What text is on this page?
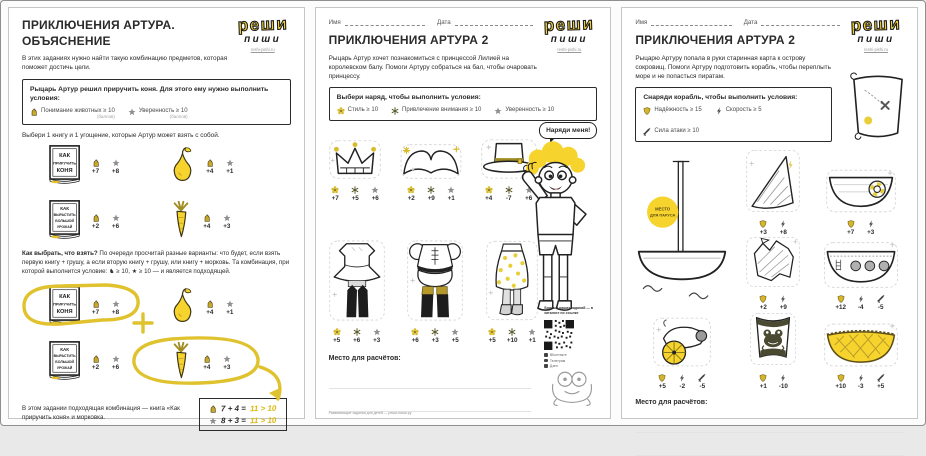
реши
пиши
reshi-pishi.ru
ПРИКЛЮЧЕНИЯ АРТУРА.
ОБЪЯСНЕНИЕ

В этих заданиях нужно найти такую комбинацию предметов, которая поможет достичь цели.

Рыцарь Артур решил приручить коня. Для этого ему нужно выполнить условия:

Понимание животных ≥ 10
(баллов)
Уверенность ≥ 10
(баллов)

Выбери 1 книгу и 1 угощение, которые Артур может взять с собой.

КАК
ПРИРУЧИТЬ
КОНЯ	+7 +8	+4 +1
КАК
ВЫРАСТИТЬ
БОЛЬШОЙ
УРОЖАЙ	+2 +6	+4 +3

Как выбрать, что взять? По очереди просчитай разные варианты: что будет, если взять первую книгу + грушу, а если вторую книгу + грушу, или книгу + морковь. Та комбинация, при которой выполнится условие: ♞ ≥ 10, ★ ≥ 10 — и является подходящей.

КАК
ПРИРУЧИТЬ
КОНЯ	+7 +8	+4 +1
КАК
ВЫРАСТИТЬ
БОЛЬШОЙ
УРОЖАЙ	+2 +6	+4 +3

В этом задании подходящая комбинация — книга «Как приручить коня» и морковка.

7 + 4 = 11 > 10
8 + 3 = 11 > 10
реши
пиши
reshi-pishi.ru
Имя	Дата
ПРИКЛЮЧЕНИЯ АРТУРА 2

Рыцарь Артур хочет познакомиться с принцессой Лилией на королевском балу. Помоги Артуру собраться на бал, чтобы очаровать принцессу.

Выбери наряд, чтобы выполнить условия:

Стиль ≥ 10	Привлечение внимания ≥ 10	Уверенность ≥ 10
+7 +5 +6	+2 +9 +1	+4 -7 +6
+5 +6 +3	+6 +3 +5	+5 +10 +1
Наряди меня!

Место для расчётов:

Больше наших заданий — в каталоге по ссылке
ВКонтакте
Телеграм
Дзен
Развивающие задания для детей — реши-пиши.ру
реши
пиши
reshi-pishi.ru
Имя	Дата
ПРИКЛЮЧЕНИЯ АРТУРА 2

Рыцарю Артуру попала в руки старинная карта к острову сокровищ. Помоги Артуру подготовить корабль, чтобы переплыть море и не попасться пиратам.

Снаряди корабль, чтобы выполнить условия:

Надёжность ≥ 15	Скорость ≥ 5
Сила атаки ≥ 10
МЕСТО
ДЛЯ ПАРУСА
+3 +8	+7 +3
+2 +9	+12 -4 -5
+5 -2 -5	+1 -10	+10 -3 +5

Место для расчётов:
